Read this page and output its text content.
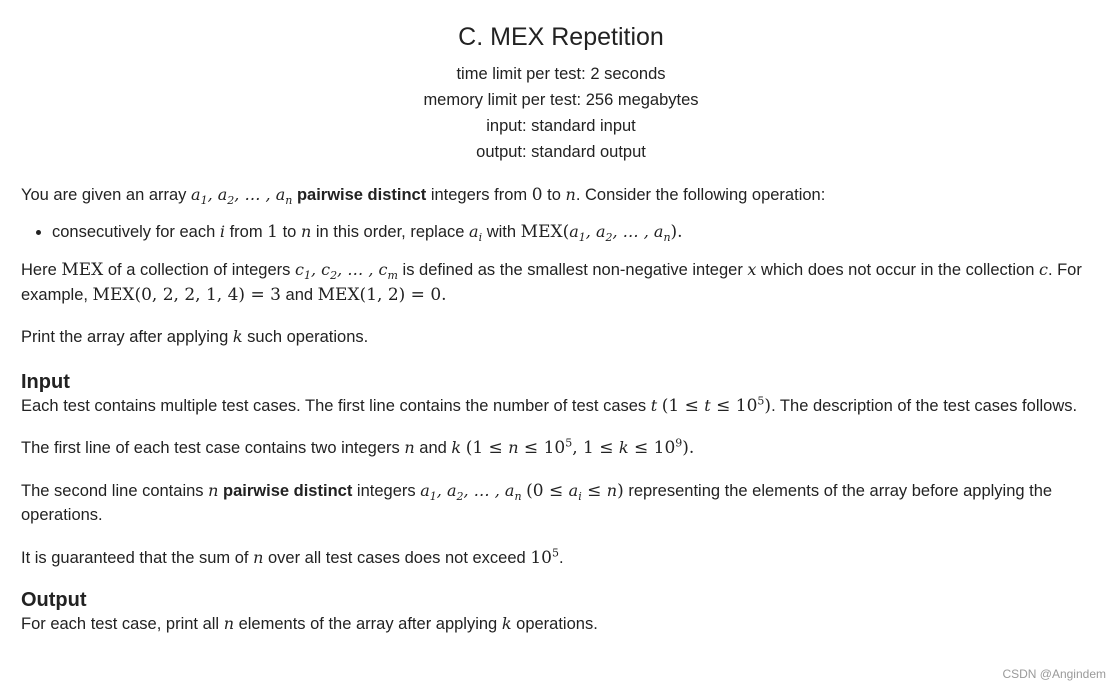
C. MEX Repetition
time limit per test: 2 seconds
memory limit per test: 256 megabytes
input: standard input
output: standard output

You are given an array $a_1$, $a_2$, … , $a_n$ pairwise distinct integers from 0 to n. Consider the following operation:

• consecutively for each i from 1 to n in this order, replace $a_i$ with $MEX(a_1$, $a_2$, … , $a_n$).

Here MEX of a collection of integers $c_1$, $c_2$, … , $c_m$ is defined as the smallest non-negative integer x which does not occur in the collection c. For example, MEX(0, 2, 2, 1, 4) = 3 and MEX(1, 2) = 0.

Print the array after applying k such operations.

Input

Each test contains multiple test cases. The first line contains the number of test cases t $(1 \le t \le 10^5)$. The description of the test cases follows.

The first line of each test case contains two integers n and k ($1 \le n \le 10^5$, $1 \le k \le 10^9$).

The second line contains n pairwise distinct integers $a_1$, $a_2$, … , $a_n$ $(0 \le a_i \le n)$ representing the elements of the array before applying the operations.

It is guaranteed that the sum of n over all test cases does not exceed $10^5$.

Output

For each test case, print all n elements of the array after applying k operations.

CSDN @Angindem
